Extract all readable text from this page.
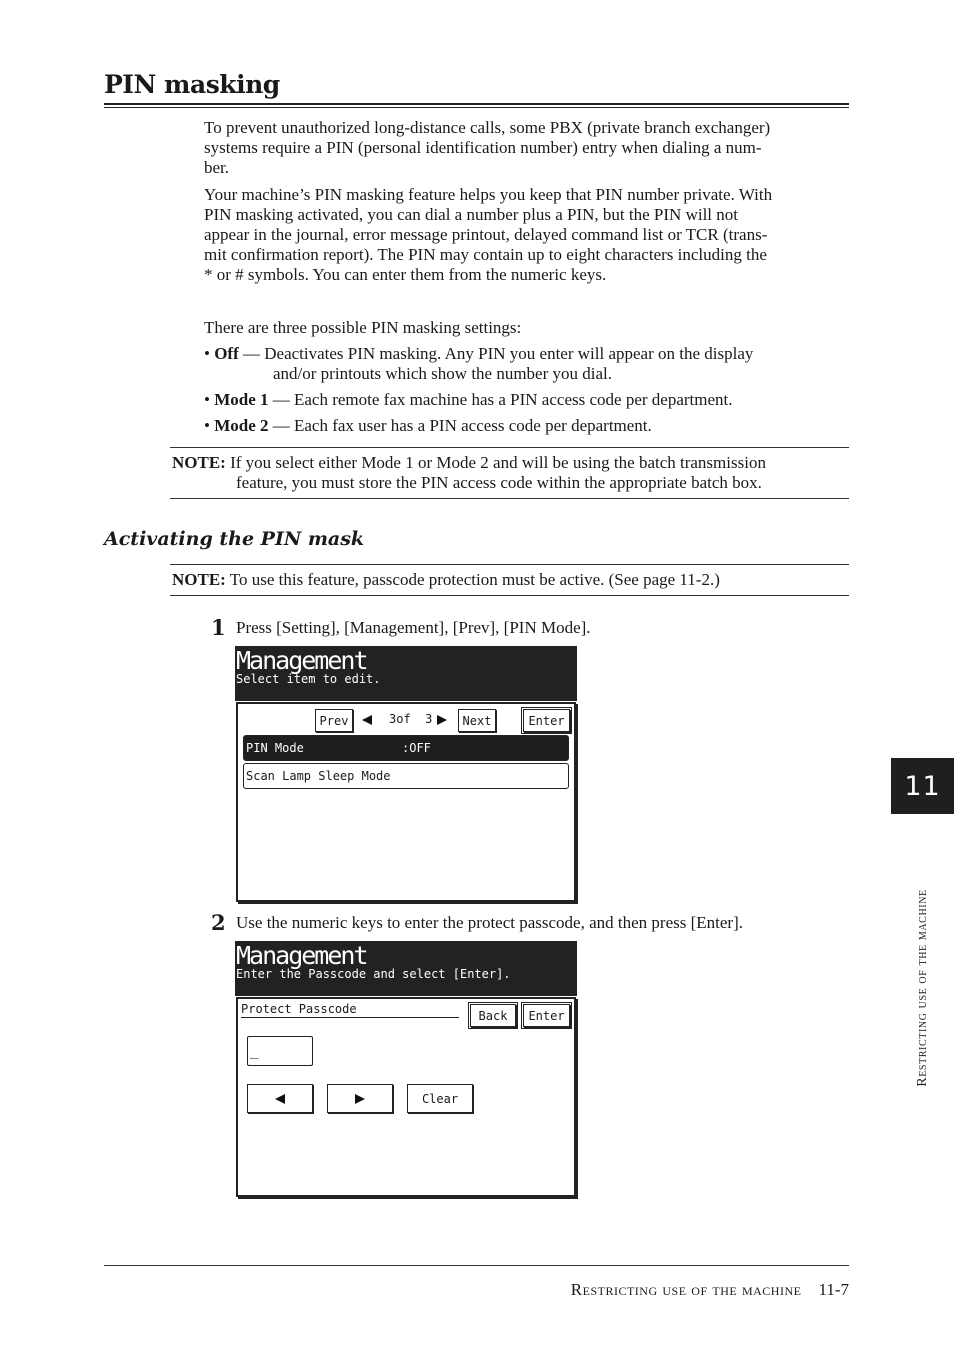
PIN masking
To prevent unauthorized long-distance calls, some PBX (private branch exchanger)
systems require a PIN (personal identification number) entry when dialing a num-
ber.
Your machine’s PIN masking feature helps you keep that PIN number private. With
PIN masking activated, you can dial a number plus a PIN, but the PIN will not
appear in the journal, error message printout, delayed command list or TCR (trans-
mit confirmation report). The PIN may contain up to eight characters including the
* or # symbols. You can enter them from the numeric keys.
There are three possible PIN masking settings:
• Off — Deactivates PIN masking. Any PIN you enter will appear on the display
and/or printouts which show the number you dial.
• Mode 1 — Each remote fax machine has a PIN access code per department.
• Mode 2 — Each fax user has a PIN access code per department.
NOTE: If you select either Mode 1 or Mode 2 and will be using the batch transmission
feature, you must store the PIN access code within the appropriate batch box.
Activating the PIN mask
NOTE: To use this feature, passcode protection must be active. (See page 11-2.)
1 Press [Setting], [Management], [Prev], [PIN Mode].
Management
Select item to edit.
Prev	3of  3	Next	Enter
PIN Mode	:OFF
Scan Lamp Sleep Mode
2 Use the numeric keys to enter the protect passcode, and then press [Enter].
Management
Enter the Passcode and select [Enter].
Protect Passcode	Back	Enter
_
Clear
11
Restricting use of the machine
Restricting use of the machine 11-7
